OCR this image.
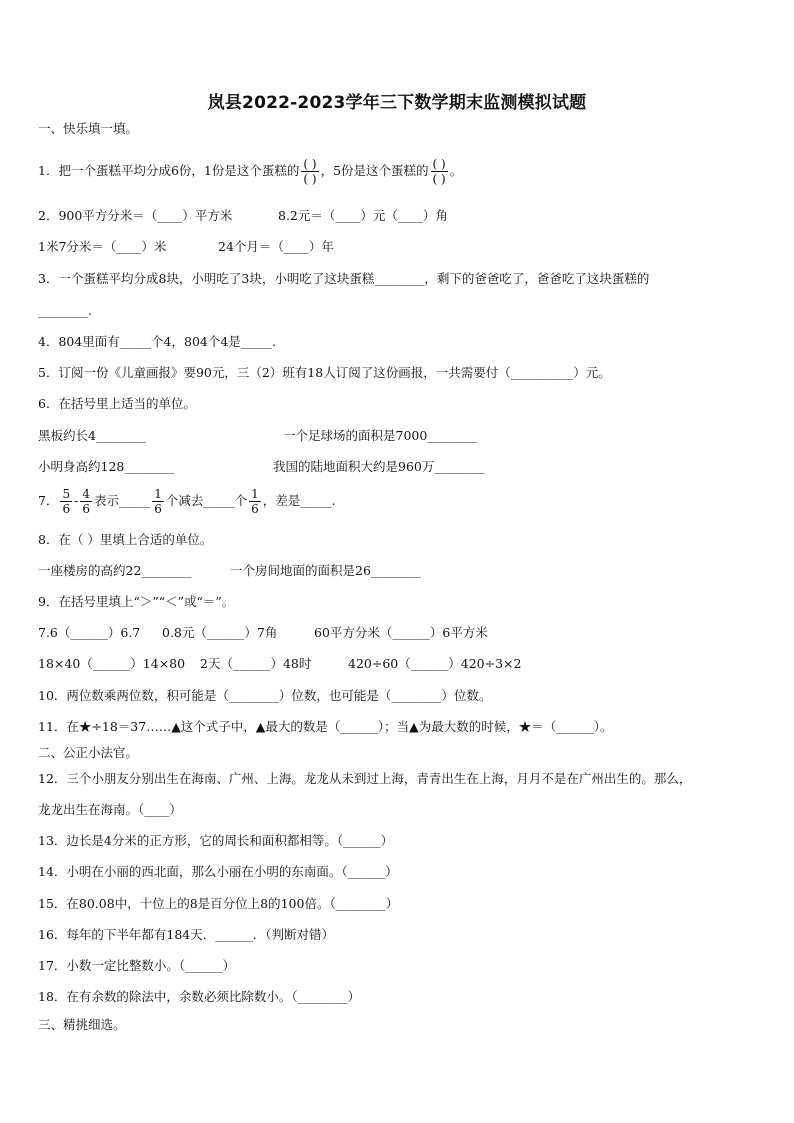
岚县2022-2023学年三下数学期末监测模拟试题
一、快乐填一填。
1．把一个蛋糕平均分成6份，1份是这个蛋糕的 $\frac{( )}{( )}$ ，5份是这个蛋糕的 $\frac{( )}{( )}$ 。
2．900平方分米＝（____）平方米	8.2元＝（____）元（____）角
1米7分米＝（____）米	24个月＝（____）年
3．一个蛋糕平均分成8块，小明吃了3块，小明吃了这块蛋糕________，剩下的爸爸吃了，爸爸吃了这块蛋糕的
________.
4．804里面有_____个4，804个4是_____.
5．订阅一份《儿童画报》要90元，三（2）班有18人订阅了这份画报，一共需要付（__________）元。
6．在括号里上适当的单位。
黑板约长4________	一个足球场的面积是7000________
小明身高约128________	我国的陆地面积大约是960万________
7． $\frac{5}{6} - \frac{4}{6}$ 表示_____ $\frac{1}{6}$ 个减去_____个 $\frac{1}{6}$ ，差是_____.
8．在（ ）里填上合适的单位。
一座楼房的高约22________	一个房间地面的面积是26________
9．在括号里填上“＞”“＜”或“＝”。
7.6（______）6.7 0.8元（______）7角	60平方分米（______）6平方米
18×40（______）14×80 2天（______）48时	420÷60（______）420÷3×2
10．两位数乘两位数，积可能是（________）位数，也可能是（________）位数。
11．在★÷18＝37……▲这个式子中，▲最大的数是（______）；当▲为最大数的时候，★＝（______）。
二、公正小法官。
12．三个小朋友分别出生在海南、广州、上海。龙龙从未到过上海，青青出生在上海，月月不是在广州出生的。那么，
龙龙出生在海南。（____）
13．边长是4分米的正方形，它的周长和面积都相等。（______）
14．小明在小丽的西北面，那么小丽在小明的东南面。（______）
15．在80.08中，十位上的8是百分位上8的100倍。（________）
16．每年的下半年都有184天．______．（判断对错）
17．小数一定比整数小。（______）
18．在有余数的除法中，余数必须比除数小。（________）
三、精挑细选。
